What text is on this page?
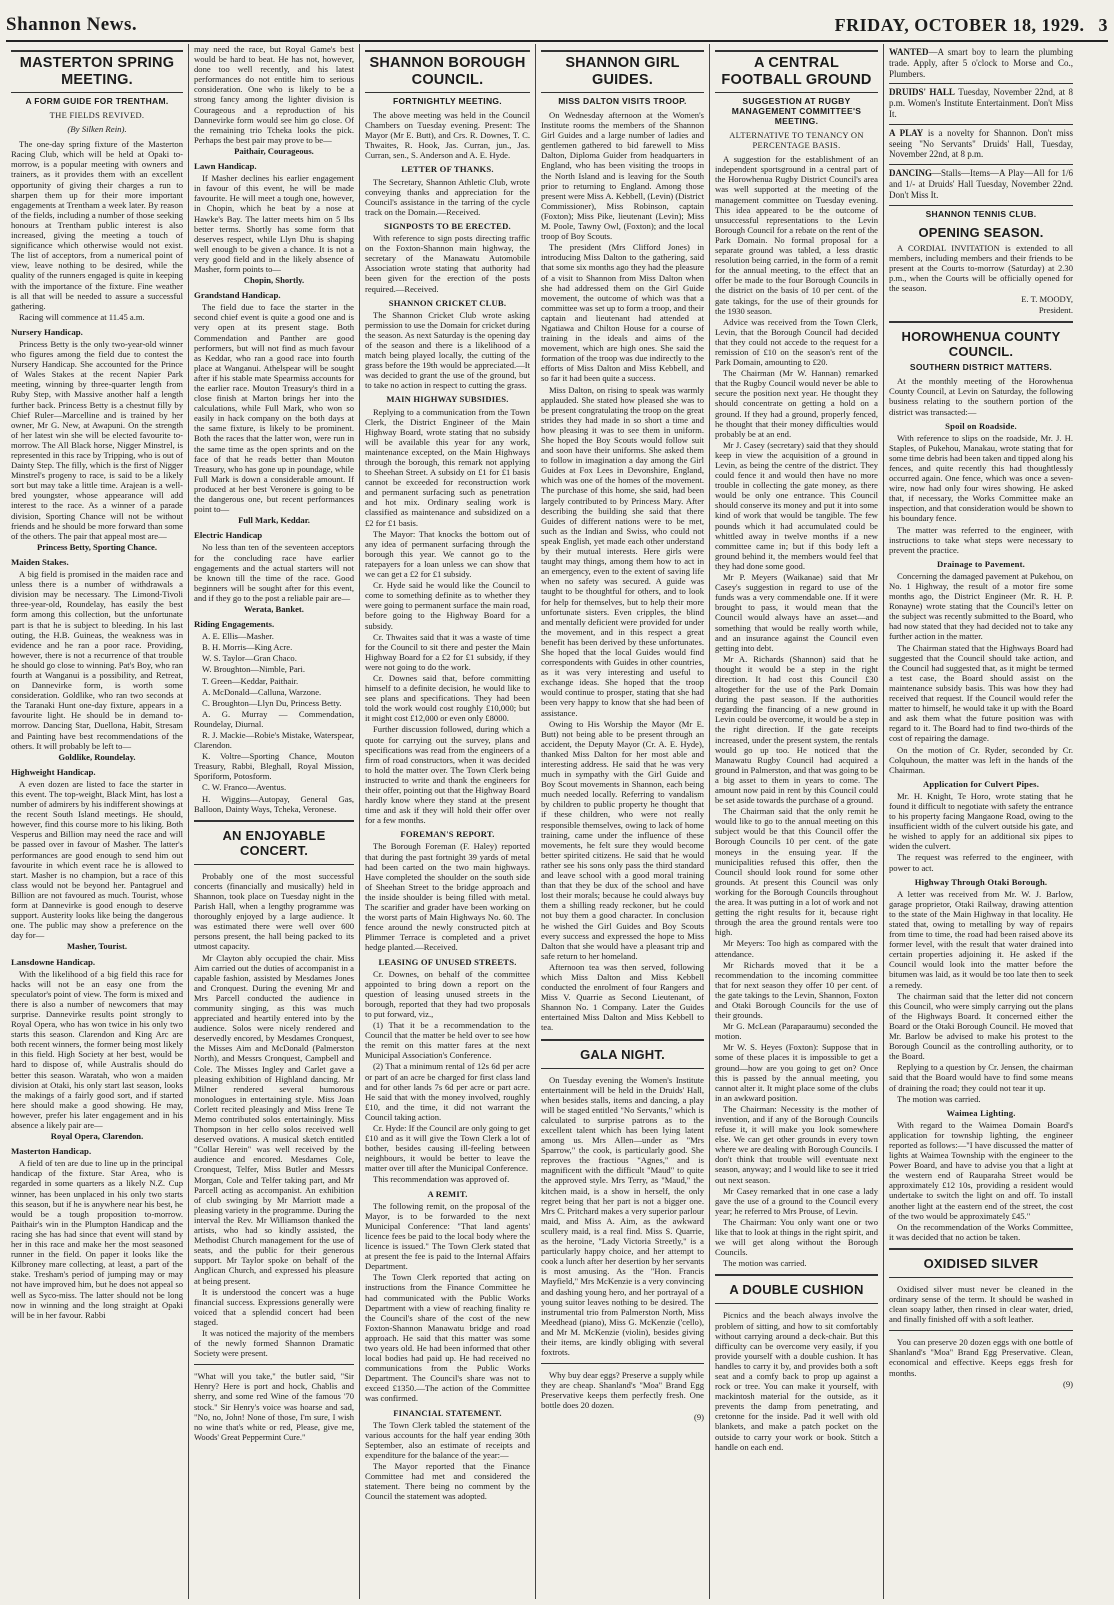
Shannon News.	FRIDAY, OCTOBER 18, 1929. 3
MASTERTON SPRING MEETING.
A FORM GUIDE FOR TRENTHAM.
THE FIELDS REVIVED.
(By Silken Rein).

The one-day spring fixture of the Masterton Racing Club, which will be held at Opaki to-morrow, is a popular meeting with owners and trainers, as it provides them with an excellent opportunity of giving their charges a run to sharpen them up for their more important engagements at Trentham a week later. By reason of the fields, including a number of those seeking honours at Trentham public interest is also increased, giving the meeting a touch of significance which otherwise would not exist. The list of acceptors, from a numerical point of view, leave nothing to be desired, while the quality of the runners engaged is quite in keeping with the importance of the fixture. Fine weather is all that will be needed to assure a successful gathering.

Racing will commence at 11.45 a.m.

Nursery Handicap.

Princess Betty is the only two-year-old winner who figures among the field due to contest the Nursery Handicap. She accounted for the Prince of Wales Stakes at the recent Napier Park meeting, winning by three-quarter length from Ruby Step, with Massive another half a length further back. Princess Betty is a chestnut filly by Chief Ruler—Marcelline and is trained by her owner, Mr G. New, at Awapuni. On the strength of her latest win she will be elected favourite to-morrow. The All Black horse, Nigger Minstrel, is represented in this race by Tripping, who is out of Dainty Step. The filly, which is the first of Nigger Minstrel's progeny to race, is said to be a likely sort but may take a little time. Arajean is a well-bred youngster, whose appearance will add interest to the race. As a winner of a parade division, Sporting Chance will not be without friends and he should be more forward than some of the others. The pair that appeal most are—

Princess Betty, Sporting Chance.
Maiden Stakes.

A big field is promised in the maiden race and unless there is a number of withdrawals a division may be necessary. The Limond-Tivoli three-year-old, Roundelay, has easily the best form among this collection, but the unfortunate part is that he is subject to bleeding. In his last outing, the H.B. Guineas, the weakness was in evidence and he ran a poor race. Providing, however, there is not a recurrence of that trouble he should go close to winning. Pat's Boy, who ran fourth at Wanganui is a possibility, and Retreat, on Dannevirke form, is worth some consideration. Goldlike, who ran two seconds at the Taranaki Hunt one-day fixture, appears in a favourite light. He should be in demand to-morrow. Dancing Star, Duellona, Habit, Stresam and Painting have best recommendations of the others. It will probably be left to—

Goldlike, Roundelay.
Highweight Handicap.

A even dozen are listed to face the starter in this event. The top-weight, Black Mint, has lost a number of admirers by his indifferent showings at the recent South Island meetings. He should, however, find this course more to his liking. Both Vesperus and Billion may need the race and will be passed over in favour of Masher. The latter's performances are good enough to send him out favourite in which event race he is allowed to start. Masher is no champion, but a race of this class would not be beyond her. Pantagruel and Billion are not favoured as much. Tourist, whose form at Dannevirke is good enough to deserve support. Austerity looks like being the dangerous one. The public may show a preference on the day for—

Masher, Tourist.
Lansdowne Handicap.

With the likelihood of a big field this race for hacks will not be an easy one from the speculator's point of view. The form is mixed and there is also a number of newcomers that may surprise. Dannevirke results point strongly to Royal Opera, who has won twice in his only two starts this season. Clarendon and King Arc are both recent winners, the former being most likely in this field. High Society at her best, would be hard to dispose of, while Australis should do better this season. Waratah, who won a maiden division at Otaki, his only start last season, looks the makings of a fairly good sort, and if started here should make a good showing. He may, however, prefer his later engagement and in his absence a likely pair are—

Royal Opera, Clarendon.
Masterton Handicap.

A field of ten are due to line up in the principal handicap of the fixture. Star Area, who is regarded in some quarters as a likely N.Z. Cup winner, has been unplaced in his only two starts this season, but if he is anywhere near his best, he would be a tough proposition to-morrow. Paithair's win in the Plumpton Handicap and the racing she has had since that event will stand by her in this race and make her the most seasoned runner in the field. On paper it looks like the Kilbroney mare collecting, at least, a part of the stake. Tresham's period of jumping may or may not have improved him, but he does not appeal so well as Syco-miss. The latter should not be long now in winning and the long straight at Opaki will be in her favour. Rabbi

may need the race, but Royal Game's best would be hard to beat. He has not, however, done too well recently, and his latest performances do not entitle him to serious consideration. One who is likely to be a strong fancy among the lighter division is Courageous and a reproduction of his Dannevirke form would see him go close. Of the remaining trio Tcheka looks the pick. Perhaps the best pair may prove to be—

Paithair, Courageous.
Lawn Handicap.

If Masher declines his earlier engagement in favour of this event, he will be made favourite. He will meet a tough one, however, in Chopin, which he beat by a nose at Hawke's Bay. The latter meets him on 5 lbs better terms. Shortly has some form that deserves respect, while Llyn Dhu is shaping well enough to be given a chance. It is not a very good field and in the likely absence of Masher, form points to—

Chopin, Shortly.
Grandstand Handicap.

The field due to face the starter in the second chief event is quite a good one and is very open at its present stage. Both Commendation and Panther are good performers, but will not find as much favour as Keddar, who ran a good race into fourth place at Wanganui. Athelspear will be sought after if his stable mate Spearmiss accounts for the earlier race. Mouton Treasury's third in a close finish at Marton brings her into the calculations, while Full Mark, who won so easily in hack company on the both days at the same fixture, is likely to be prominent. Both the races that the latter won, were run in the same time as the open sprints and on the face of that he reads better than Mouton Treasury, who has gone up in poundage, while Full Mark is down a considerable amount. If produced at her best Veronere is going to be the dangerous one, but recent performances point to—

Full Mark, Keddar.
Electric Handicap

No less than ten of the seventeen acceptors for the concluding race have earlier engagements and the actual starters will not be known till the time of the race. Good beginners will be sought after for this event, and if they go to the post a reliable pair are—

Werata, Banket.
Riding Engagements.

A. E. Ellis—Masher.

B. H. Morris—King Acre.

W. S. Taylor—Gran Chaco.

W. Broughton—Nimble, Pari.

T. Green—Keddar, Paithair.

A. McDonald—Calluna, Warzone.

C. Broughton—Llyn Du, Princess Betty.

A. G. Murray — Commendation, Roundelay, Diurnal.

R. J. Mackie—Robie's Mistake, Waterspear, Clarendon.

K. Voltre—Sporting Chance, Mouton Treasury, Rabbi, Bleghall, Royal Mission, Sporiform, Potosform.

C. W. Franco—Aventus.

H. Wiggins—Autopay, General Gas, Balloon, Dainty Ways, Tcheka, Veronese.

AN ENJOYABLE CONCERT.

Probably one of the most successful concerts (financially and musically) held in Shannon, took place on Tuesday night in the Parish Hall, when a lengthy programme was thoroughly enjoyed by a large audience. It was estimated there were well over 600 persons present, the hall being packed to its utmost capacity.

Mr Clayton ably occupied the chair. Miss Aim carried out the duties of accompanist in a capable fashion, assisted by Mesdames Jones and Cronquest. During the evening Mr and Mrs Parcell conducted the audience in community singing, as this was much appreciated and heartily entered into by the audience. Solos were nicely rendered and deservedly encored, by Mesdames Cronquest, the Misses Aim and McDonald (Palmerston North), and Messrs Cronquest, Campbell and Cole. The Misses Ingley and Carlet gave a pleasing exhibition of Highland dancing. Mr Milner rendered several humorous monologues in entertaining style. Miss Joan Corlett recited pleasingly and Miss Irene Te Memo contributed solos entertainingly. Miss Thompson in her cello solos received well deserved ovations. A musical sketch entitled "Collar Herein" was well received by the audience and encored. Mesdames Cole, Cronquest, Telfer, Miss Butler and Messrs Morgan, Cole and Telfer taking part, and Mr Parcell acting as accompanist. An exhibition of club swinging by Mr Marriott made a pleasing variety in the programme. During the interval the Rev. Mr Williamson thanked the artists, who had so kindly assisted, the Methodist Church management for the use of seats, and the public for their generous support. Mr Taylor spoke on behalf of the Anglican Church, and expressed his pleasure at being present.

It is understood the concert was a huge financial success. Expressions generally were voiced that a splendid concert had been staged.

It was noticed the majority of the members of the newly formed Shannon Dramatic Society were present.

"What will you take," the butler said, "Sir Henry? Here is port and hock, Chablis and sherry, and some red Wine of the famous '70 stock." Sir Henry's voice was hoarse and sad, "No, no, John! None of those, I'm sure, I wish no wine that's white or red, Please, give me, Woods' Great Peppermint Cure."

SHANNON BOROUGH COUNCIL.
FORTNIGHTLY MEETING.

The above meeting was held in the Council Chambers on Tuesday evening. Present: The Mayor (Mr E. Butt), and Crs. R. Downes, T. C. Thwaites, R. Hook, Jas. Curran, jun., Jas. Curran, sen., S. Anderson and A. E. Hyde.

LETTER OF THANKS.

The Secretary, Shannon Athletic Club, wrote conveying thanks and appreciation for the Council's assistance in the tarring of the cycle track on the Domain.—Received.

SIGNPOSTS TO BE ERECTED.

With reference to sign posts directing traffic on the Foxton-Shannon main highway, the secretary of the Manawatu Automobile Association wrote stating that authority had been given for the erection of the posts required.—Received.

SHANNON CRICKET CLUB.

The Shannon Cricket Club wrote asking permission to use the Domain for cricket during the season. As next Saturday is the opening day of the season and there is a likelihood of a match being played locally, the cutting of the grass before the 19th would be appreciated.—It was decided to grant the use of the ground, but to take no action in respect to cutting the grass.

MAIN HIGHWAY SUBSIDIES.

Replying to a communication from the Town Clerk, the District Engineer of the Main Highway Board, wrote stating that no subsidy will be available this year for any work, maintenance excepted, on the Main Highways through the borough, this remark not applying to Sheehan Street. A subsidy on £1 for £1 basis cannot be exceeded for reconstruction work and permanent surfacing such as penetration and hot mix. Ordinary sealing work is classified as maintenance and subsidized on a £2 for £1 basis.

The Mayor: That knocks the bottom out of any idea of permanent surfacing through the borough this year. We cannot go to the ratepayers for a loan unless we can show that we can get a £2 for £1 subsidy.

Cr. Hyde said he would like the Council to come to something definite as to whether they were going to permanent surface the main road, before going to the Highway Board for a subsidy.

Cr. Thwaites said that it was a waste of time for the Council to sit there and pester the Main Highway Board for a £2 for £1 subsidy, if they were not going to do the work.

Cr. Downes said that, before committing himself to a definite decision, he would like to see plans and specifications. They had been told the work would cost roughly £10,000; but it might cost £12,000 or even only £8000.

Further discussion followed, during which a quote for carrying out the survey, plans and specifications was read from the engineers of a firm of road constructors, when it was decided to hold the matter over. The Town Clerk being instructed to write and thank the engineers for their offer, pointing out that the Highway Board hardly know where they stand at the present time and ask if they will hold their offer over for a few months.

FOREMAN'S REPORT.

The Borough Foreman (F. Haley) reported that during the past fortnight 39 yards of metal had been carted on the two main highways. Have completed the shoulder on the south side of Sheehan Street to the bridge approach and the inside shoulder is being filled with metal. The scarifier and grader have been working on the worst parts of Main Highways No. 60. The fence around the newly constructed pitch at Plimmer Terrace is completed and a privet hedge planted.—Received.

LEASING OF UNUSED STREETS.

Cr. Downes, on behalf of the committee appointed to bring down a report on the question of leasing unused streets in the borough, reported that they had two proposals to put forward, viz.,

(1) That it be a recommendation to the Council that the matter be held over to see how the remit on this matter fares at the next Municipal Association's Conference.

(2) That a minimum rental of 12s 6d per acre or part of an acre be charged for first class land and for other lands 7s 6d per acre or part acre. He said that with the money involved, roughly £10, and the time, it did not warrant the Council taking action.

Cr. Hyde: If the Council are only going to get £10 and as it will give the Town Clerk a lot of bother, besides causing ill-feeling between neighbours, it would be better to leave the matter over till after the Municipal Conference.

This recommendation was approved of.

A REMIT.

The following remit, on the proposal of the Mayor, is to be forwarded to the next Municipal Conference: "That land agents' licence fees be paid to the local body where the licence is issued." The Town Clerk stated that at present the fee is paid to the Internal Affairs Department.

The Town Clerk reported that acting on instructions from the Finance Committee he had communicated with the Public Works Department with a view of reaching finality re the Council's share of the cost of the new Foxton-Shannon Manawatu bridge and road approach. He said that this matter was some two years old. He had been informed that other local bodies had paid up. He had received no communications from the Public Works Department. The Council's share was not to exceed £1350.—The action of the Committee was confirmed.

FINANCIAL STATEMENT.

The Town Clerk tabled the statement of the various accounts for the half year ending 30th September, also an estimate of receipts and expenditure for the balance of the year:—

The Mayor reported that the Finance Committee had met and considered the statement. There being no comment by the Council the statement was adopted.

SHANNON GIRL GUIDES.
MISS DALTON VISITS TROOP.

On Wednesday afternoon at the Women's Institute rooms the members of the Shannon Girl Guides and a large number of ladies and gentlemen gathered to bid farewell to Miss Dalton, Diploma Guider from headquarters in England, who has been visiting the troops in the North Island and is leaving for the South prior to returning to England. Among those present were Miss A. Kebbell, (Levin) (District Commissioner), Miss Robinson, captain (Foxton); Miss Pike, lieutenant (Levin); Miss M. Poole, Tawny Owl, (Foxton); and the local troop of Boy Scouts.

The president (Mrs Clifford Jones) in introducing Miss Dalton to the gathering, said that some six months ago they had the pleasure of a visit to Shannon from Miss Dalton when she had addressed them on the Girl Guide movement, the outcome of which was that a committee was set up to form a troop, and their captain and lieutenant had attended at Ngatiawa and Chilton House for a course of training in the ideals and aims of the movement, which are high ones. She said the formation of the troop was due indirectly to the efforts of Miss Dalton and Miss Kebbell, and so far it had been quite a success.

Miss Dalton, on rising to speak was warmly applauded. She stated how pleased she was to be present congratulating the troop on the great strides they had made in so short a time and how pleasing it was to see them in uniform. She hoped the Boy Scouts would follow suit and soon have their uniforms. She asked them to follow in imagination a day among the Girl Guides at Fox Lees in Devonshire, England, which was one of the homes of the movement. The purchase of this home, she said, had been largely contributed to by Princess Mary. After describing the building she said that there Guides of different nations were to be met, such as the Indian and Swiss, who could not speak English, yet made each other understand by their mutual interests. Here girls were taught may things, among them how to act in an emergency, even to the extent of saving life when no safety was secured. A guide was taught to be thoughtful for others, and to look for help for themselves, but to help their more unfortunate sisters. Even cripples, the blind and mentally deficient were provided for under the movement, and in this respect a great benefit has been derived by these unfortunates. She hoped that the local Guides would find correspondents with Guides in other countries, as it was very interesting and useful to exchange ideas. She hoped that the troop would continue to prosper, stating that she had been very happy to know that she had been of assistance.

Owing to His Worship the Mayor (Mr E. Butt) not being able to be present through an accident, the Deputy Mayor (Cr. A. E. Hyde), thanked Miss Dalton for her most able and interesting address. He said that he was very much in sympathy with the Girl Guide and Boy Scout movements in Shannon, each being much needed locally. Referring to vandalism by children to public property he thought that if these children, who were not really responsible themselves, owing to lack of home training, came under the influence of these movements, he felt sure they would become better spirited citizens. He said that he would rather see his sons only pass the third standard and leave school with a good moral training than that they be dux of the school and have lost their morals; because he could always buy them a shilling ready reckoner, but he could not buy them a good character. In conclusion he wished the Girl Guides and Boy Scouts every success and expressed the hope to Miss Dalton that she would have a pleasant trip and safe return to her homeland.

Afternoon tea was then served, following which Miss Dalton and Miss Kebbell conducted the enrolment of four Rangers and Miss V. Quarrie as Second Lieutenant, of Shannon No. 1 Company. Later the Guides entertained Miss Dalton and Miss Kebbell to tea.

GALA NIGHT.

On Tuesday evening the Women's Institute entertainment will be held in the Druids' Hall, when besides stalls, items and dancing, a play will be staged entitled "No Servants," which is calculated to surprise patrons as to the excellent talent which has been lying latent among us. Mrs Allen—under as "Mrs Sparrow," the cook, is particularly good. She reproves the fractious "Agnes," and is magnificent with the difficult "Maud" to quite the approved style. Mrs Terry, as "Maud," the kitchen maid, is a show in herself, the only regret being that her part is not a bigger one. Mrs C. Pritchard makes a very superior parlour maid, and Miss A. Aim, as the awkward scullery maid, is a real find. Miss S. Quarrie, as the heroine, "Lady Victoria Streetly," is a particularly happy choice, and her attempt to cook a lunch after her desertion by her servants is most amusing. As the "Hon. Francis Mayfield," Mrs McKenzie is a very convincing and dashing young hero, and her portrayal of a young suitor leaves nothing to be desired. The instrumental trio from Palmerston North, Miss Meedhead (piano), Miss G. McKenzie ('cello), and Mr M. McKenzie (violin), besides giving their items, are kindly obliging with several foxtrots.

Why buy dear eggs? Preserve a supply while they are cheap. Shanland's "Moa" Brand Egg Preservative keeps them perfectly fresh. One bottle does 20 dozen.

(9)
A CENTRAL FOOTBALL GROUND
SUGGESTION AT RUGBY MANAGEMENT COMMITTEE'S MEETING.
ALTERNATIVE TO TENANCY ON PERCENTAGE BASIS.

A suggestion for the establishment of an independent sportsground in a central part of the Horowhenua Rugby District Council's area was well supported at the meeting of the management committee on Tuesday evening. This idea appeared to be the outcome of unsuccessful representations to the Levin Borough Council for a rebate on the rent of the Park Domain. No formal proposal for a separate ground was tabled, a less drastic resolution being carried, in the form of a remit for the annual meeting, to the effect that an offer be made to the four Borough Councils in the district on the basis of 10 per cent. of the gate takings, for the use of their grounds for the 1930 season.

Advice was received from the Town Clerk, Levin, that the Borough Council had decided that they could not accede to the request for a remission of £10 on the season's rent of the Park Domain, amounting to £20.

The Chairman (Mr W. Hannan) remarked that the Rugby Council would never be able to secure the position next year. He thought they should concentrate on getting a hold on a ground. If they had a ground, properly fenced, he thought that their money difficulties would probably be at an end.

Mr J. Casey (secretary) said that they should keep in view the acquisition of a ground in Levin, as being the centre of the district. They could fence it and would then have no more trouble in collecting the gate money, as there would be only one entrance. This Council should conserve its money and put it into some kind of work that would be tangible. The few pounds which it had accumulated could be whittled away in twelve months if a new committee came in; but if this body left a ground behind it, the members would feel that they had done some good.

Mr P. Meyers (Waikanae) said that Mr Casey's suggestion in regard to use of the funds was a very commendable one. If it were brought to pass, it would mean that the Council would always have an asset—and something that would be really worth while, and an insurance against the Council even getting into debt.

Mr A. Richards (Shannon) said that he thought it would be a step in the right direction. It had cost this Council £30 altogether for the use of the Park Domain during the past season. If the authorities regarding the financing of a new ground in Levin could be overcome, it would be a step in the right direction. If the gate receipts increased, under the present system, the rentals would go up too. He noticed that the Manawatu Rugby Council had acquired a ground in Palmerston, and that was going to be a big asset to them in years to come. The amount now paid in rent by this Council could be set aside towards the purchase of a ground.

The Chairman said that the only remit he would like to go to the annual meeting on this subject would be that this Council offer the Borough Councils 10 per cent. of the gate moneys in the ensuing year. If the municipalities refused this offer, then the Council should look round for some other grounds. At present this Council was only working for the Borough Councils throughout the area. It was putting in a lot of work and not getting the right results for it, because right through the area the ground rentals were too high.

Mr Meyers: Too high as compared with the attendance.

Mr Richards moved that it be a recommendation to the incoming committee that for next season they offer 10 per cent. of the gate takings to the Levin, Shannon, Foxton and Otaki Borough Councils for the use of their grounds.

Mr G. McLean (Paraparaumu) seconded the motion.

Mr W. S. Heyes (Foxton): Suppose that in some of these places it is impossible to get a ground—how are you going to get on? Once this is passed by the annual meeting, you cannot alter it. It might place some of the clubs in an awkward position.

The Chairman: Necessity is the mother of invention, and if any of the Borough Councils refuse it, it will make you look somewhere else. We can get other grounds in every town where we are dealing with Borough Councils. I don't think that trouble will eventuate next season, anyway; and I would like to see it tried out next season.

Mr Casey remarked that in one case a lady gave the use of a ground to the Council every year; he referred to Mrs Prouse, of Levin.

The Chairman: You only want one or two like that to look at things in the right spirit, and we will get along without the Borough Councils.

The motion was carried.

A DOUBLE CUSHION

Picnics and the beach always involve the problem of sitting, and how to sit comfortably without carrying around a deck-chair. But this difficulty can be overcome very easily, if you provide yourself with a double cushion. It has handles to carry it by, and provides both a soft seat and a comfy back to prop up against a rock or tree. You can make it yourself, with mackintosh material for the outside, as it prevents the damp from penetrating, and cretonne for the inside. Pad it well with old blankets, and make a patch pocket on the outside to carry your work or book. Stitch a handle on each end.

WANTED—A smart boy to learn the plumbing trade. Apply, after 5 o'clock to Morse and Co., Plumbers.
DRUIDS' HALL Tuesday, November 22nd, at 8 p.m. Women's Institute Entertainment. Don't Miss It.
A PLAY is a novelty for Shannon. Don't miss seeing "No Servants" Druids' Hall, Tuesday, November 22nd, at 8 p.m.
DANCING—Stalls—Items—A Play—All for 1/6 and 1/- at Druids' Hall Tuesday, November 22nd. Don't Miss It.
SHANNON TENNIS CLUB.
OPENING SEASON.

A CORDIAL INVITATION is extended to all members, including members and their friends to be present at the Courts to-morrow (Saturday) at 2.30 p.m., when the Courts will be officially opened for the season.

E. T. MOODY,
President.
HOROWHENUA COUNTY COUNCIL.
SOUTHERN DISTRICT MATTERS.

At the monthly meeting of the Horowhenua County Council, at Levin on Saturday, the following business relating to the southern portion of the district was transacted:—

Spoil on Roadside.

With reference to slips on the roadside, Mr. J. H. Staples, of Pukehou, Manakau, wrote stating that for some time debris had been taken and tipped along his fences, and quite recently this had thoughtlessly occurred again. One fence, which was once a seven-wire, now had only four wires showing. He asked that, if necessary, the Works Committee make an inspection, and that consideration would be shown to his boundary fence.

The matter was referred to the engineer, with instructions to take what steps were necessary to prevent the practice.

Drainage to Pavement.

Concerning the damaged pavement at Pukehou, on No. 1 Highway, the result of a motor fire some months ago, the District Engineer (Mr. R. H. P. Ronayne) wrote stating that the Council's letter on the subject was recently submitted to the Board, who had now stated that they had decided not to take any further action in the matter.

The Chairman stated that the Highways Board had suggested that the Council should take action, and the Council had suggested that, as it might be termed a test case, the Board should assist on the maintenance subsidy basis. This was how they had received that request. If the Council would refer the matter to himself, he would take it up with the Board and ask them what the future position was with regard to it. The Board had to find two-thirds of the cost of repairing the damage.

On the motion of Cr. Ryder, seconded by Cr. Colquhoun, the matter was left in the hands of the Chairman.

Application for Culvert Pipes.

Mr. H. Knight, Te Horo, wrote stating that he found it difficult to negotiate with safety the entrance to his property facing Mangaone Road, owing to the insufficient width of the culvert outside his gate, and he wished to apply for an additional six pipes to widen the culvert.

The request was referred to the engineer, with power to act.

Highway Through Otaki Borough.

A letter was received from Mr. W. J. Barlow, garage proprietor, Otaki Railway, drawing attention to the state of the Main Highway in that locality. He stated that, owing to metalling by way of repairs from time to time, the road had been raised above its former level, with the result that water drained into certain properties adjoining it. He asked if the Council would look into the matter before the bitumen was laid, as it would be too late then to seek a remedy.

The chairman said that the letter did not concern this Council, who were simply carrying out the plans of the Highways Board. It concerned either the Board or the Otaki Borough Council. He moved that Mr. Barlow be advised to make his protest to the Borough Council as the controlling authority, or to the Board.

Replying to a question by Cr. Jensen, the chairman said that the Board would have to find some means of draining the road; they could not tear it up.

The motion was carried.

Waimea Lighting.

With regard to the Waimea Domain Board's application for township lighting, the engineer reported as follows:—"I have discussed the matter of lights at Waimea Township with the engineer to the Power Board, and have to advise you that a light at the western end of Rauparaha Street would be approximately £12 10s, providing a resident would undertake to switch the light on and off. To install another light at the eastern end of the street, the cost of the two would be approximately £45."

On the recommendation of the Works Committee, it was decided that no action be taken.

OXIDISED SILVER

Oxidised silver must never be cleaned in the ordinary sense of the term. It should be washed in clean soapy lather, then rinsed in clear water, dried, and finally finished off with a soft leather.

You can preserve 20 dozen eggs with one bottle of Shanland's "Moa" Brand Egg Preservative. Clean, economical and effective. Keeps eggs fresh for months.

(9)
